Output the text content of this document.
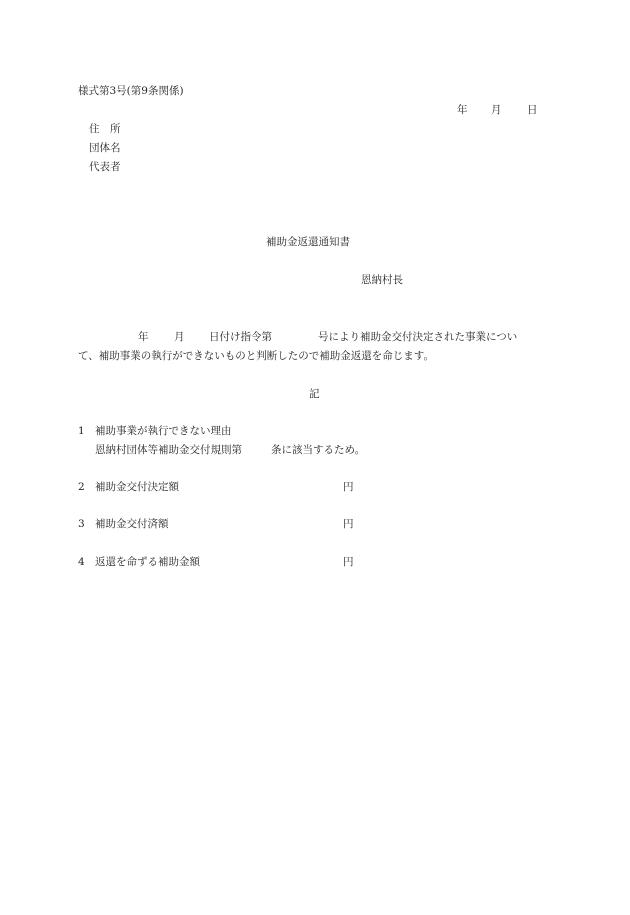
様式第3号(第9条関係)
年 月 日
住　所
団体名
代表者
補助金返還通知書
恩納村長
年 月 日付け指令第	号により補助金交付決定された事業につい
て、補助事業の執行ができないものと判断したので補助金返還を命じます。
記
1 補助事業が執行できない理由
恩納村団体等補助金交付規則第	条に該当するため。
2 補助金交付決定額	円
3 補助金交付済額	円
4 返還を命ずる補助金額	円
